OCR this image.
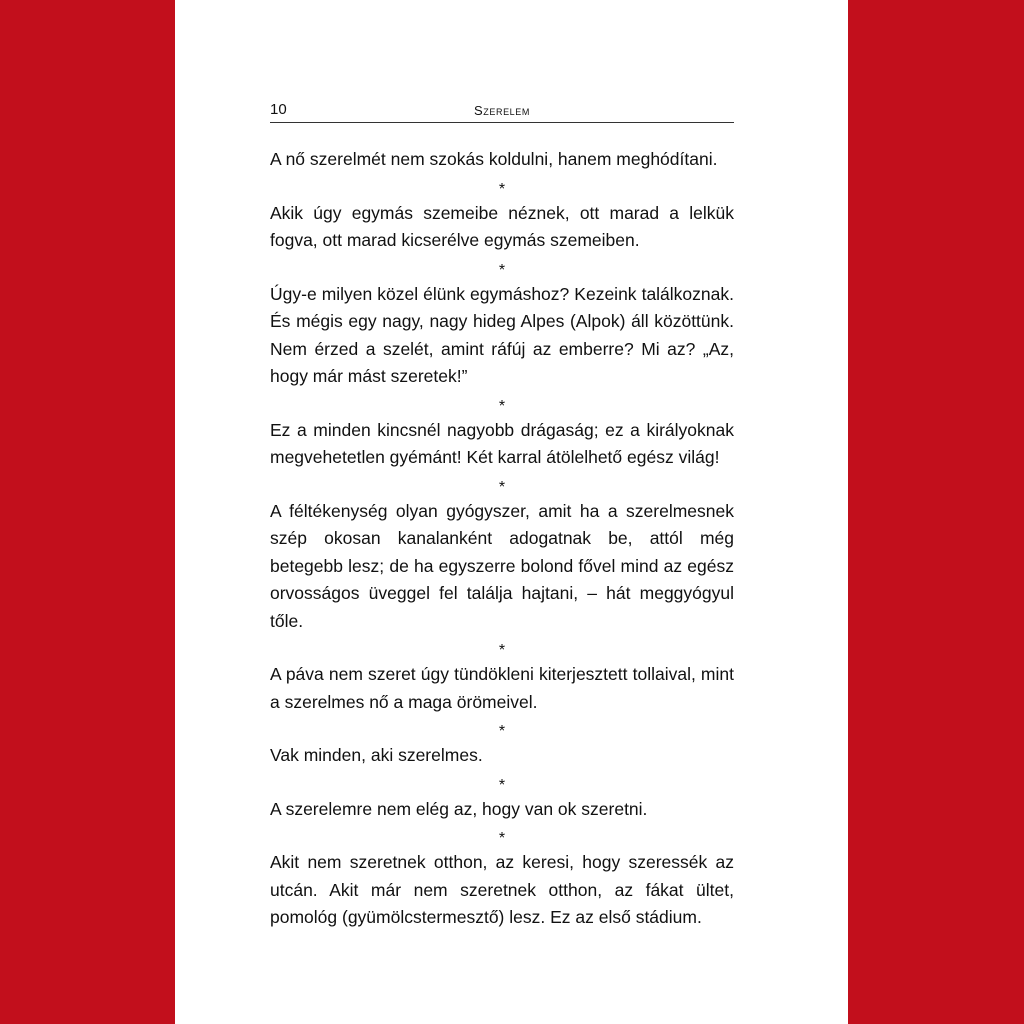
10	Szerelem

A nő szerelmét nem szokás koldulni, hanem meghódítani.

*

Akik úgy egymás szemeibe néznek, ott marad a lelkük fogva, ott marad kicserélve egymás szemeiben.

*

Úgy-e milyen közel élünk egymáshoz? Kezeink találkoznak. És mégis egy nagy, nagy hideg Alpes (Alpok) áll közöttünk. Nem érzed a szelét, amint ráfúj az emberre? Mi az? „Az, hogy már mást szeretek!”

*

Ez a minden kincsnél nagyobb drágaság; ez a királyoknak megvehetetlen gyémánt! Két karral átölelhető egész világ!

*

A féltékenység olyan gyógyszer, amit ha a szerelmesnek szép okosan kanalanként adogatnak be, attól még betegebb lesz; de ha egyszerre bolond fővel mind az egész orvosságos üveggel fel találja hajtani, – hát meggyógyul tőle.

*

A páva nem szeret úgy tündökleni kiterjesztett tollaival, mint a szerelmes nő a maga örömeivel.

*

Vak minden, aki szerelmes.

*

A szerelemre nem elég az, hogy van ok szeretni.

*

Akit nem szeretnek otthon, az keresi, hogy szeressék az utcán. Akit már nem szeretnek otthon, az fákat ültet, pomológ (gyümölcstermesztő) lesz. Ez az első stádium.
